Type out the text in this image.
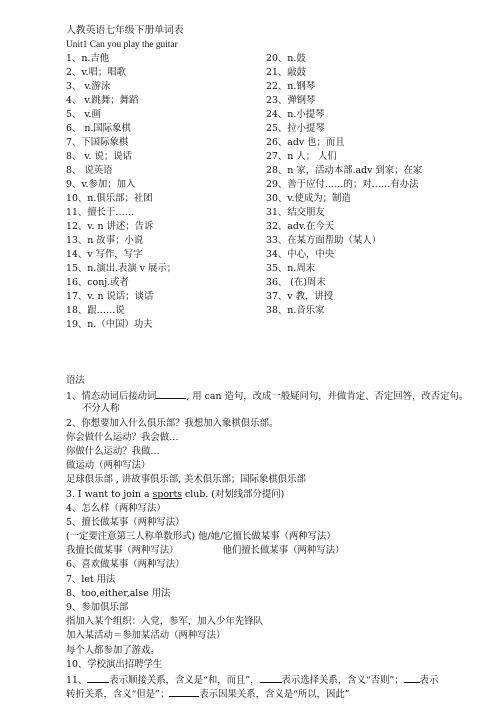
人教英语七年级下册单词表
Unit1 Can you play the guitar
1、n.吉他	20、n.鼓
2、v.唱；唱歌	21、敲鼓
3、 v.游泳	22、n.钢琴
4、 v.跳舞；舞蹈	23、弹钢琴
5、 v.画	24、n.小提琴
6、 n.国际象棋	25、拉小提琴
7、下国际象棋	26、adv 也；而且
8、 v. 说；说话	27、n 人； 人们
8、 说英语	28、n 家，活动本部.adv 到家；在家
9、v.参加；加入	29、善于应付……的；对……有办法
10、n.俱乐部；社团	30、v.使成为；制造
11、擅长于……	31、结交朋友
12、v. n 讲述；告诉	32、adv.在今天
13、n 故事；小说	33、在某方面帮助（某人）
14、v 写作，写字	34、中心，中央
15、n.演出.表演 v 展示；	35、n.周末
16、conj.或者	36、 (在)周末
17、v. n 说话；谈话	37、v 教，讲授
18、跟……说	38、n.音乐家
19、n.（中国）功夫
语法
1、情态动词后接动词	, 用 can 造句，改成一般疑问句，并做肯定、否定回答，改否定句。
不分人称
2、你想要加入什么俱乐部？我想加入象棋俱乐部。
你会做什么运动？我会做…
你做什么运动？我做…
做运动（两种写法）
足球俱乐部 , 讲故事俱乐部, 美术俱乐部；国际象棋俱乐部
3. I want to join a sports club. (对划线部分提问)
4、怎么样（两种写法）
5、擅长做某事（两种写法）
(一定要注意第三人称单数形式) 他/她/它擅长做某事（两种写法）
我擅长做某事（两种写法）	他们擅长做某事（两种写法）
6、喜欢做某事（两种写法）
7、let 用法
8、too,either,alse 用法
9、参加俱乐部
指加入某个组织：入党，参军，加入少年先锋队
加入某活动＝参加某活动（两种写法）
每个人都参加了游戏。
10、学校演出招聘学生
11、 表示顺接关系，含义是“和，而且”， 表示选择关系，含义“否则”； 表示
转折关系，含义“但是”；	表示因果关系，含义是“所以，因此”
